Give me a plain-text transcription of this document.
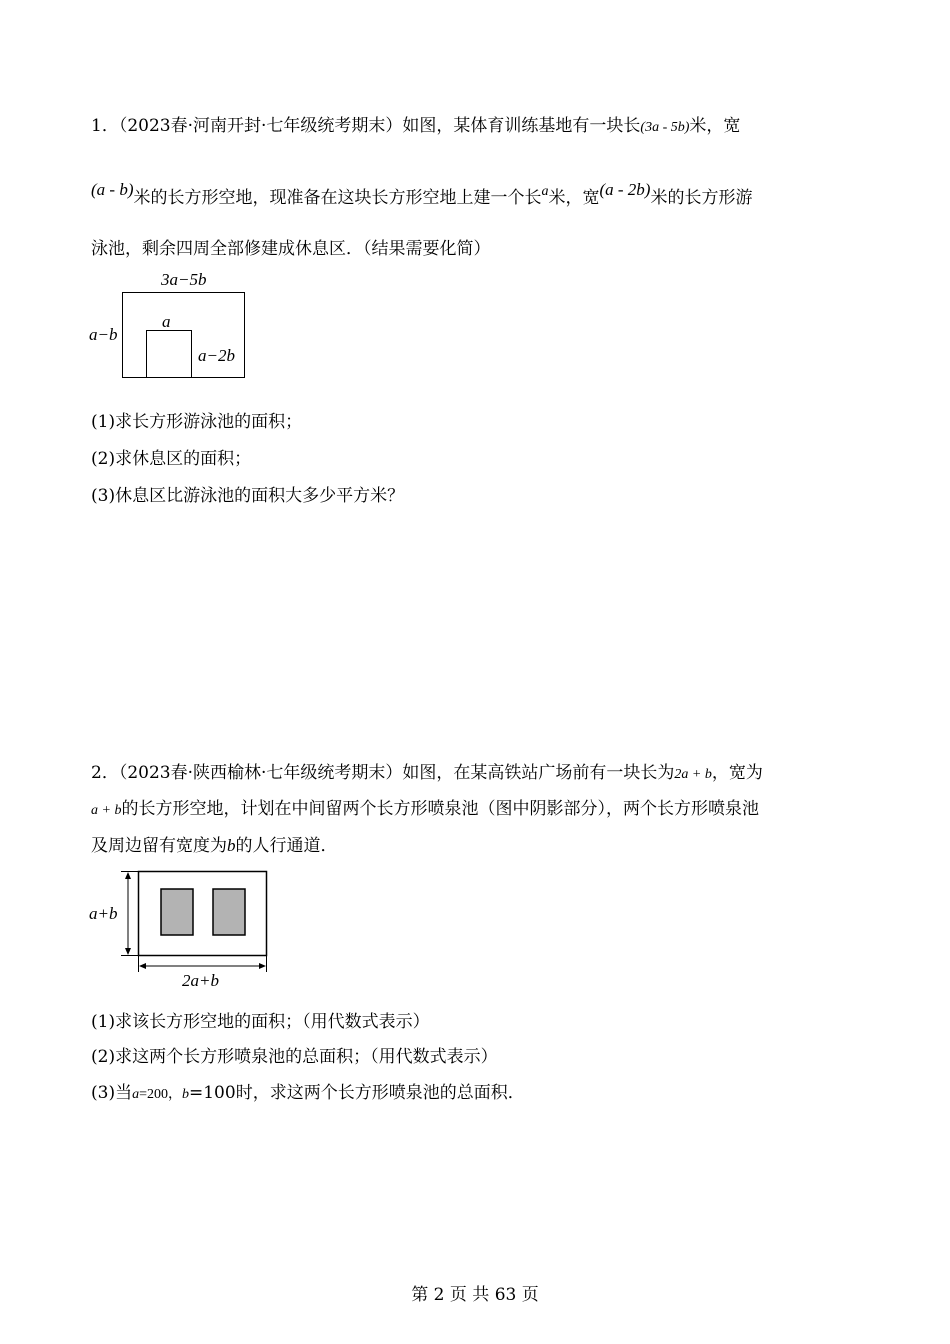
1．（2023春·河南开封·七年级统考期末）如图，某体育训练基地有一块长(3a - 5b)米，宽
(a - b)米的长方形空地，现准备在这块长方形空地上建一个长$^a$米，宽(a - 2b)米的长方形游
泳池，剩余四周全部修建成休息区．（结果需要化简）
3a−5b
a−b
a
a−2b
(1)求长方形游泳池的面积；
(2)求休息区的面积；
(3)休息区比游泳池的面积大多少平方米？
2．（2023春·陕西榆林·七年级统考期末）如图，在某高铁站广场前有一块长为2a + b，宽为
a + b的长方形空地，计划在中间留两个长方形喷泉池（图中阴影部分），两个长方形喷泉池
及周边留有宽度为b的人行通道．
a+b
2a+b
(1)求该长方形空地的面积；（用代数式表示）
(2)求这两个长方形喷泉池的总面积；（用代数式表示）
(3)当a=200，b=100时，求这两个长方形喷泉池的总面积．
第 2 页 共 63 页
